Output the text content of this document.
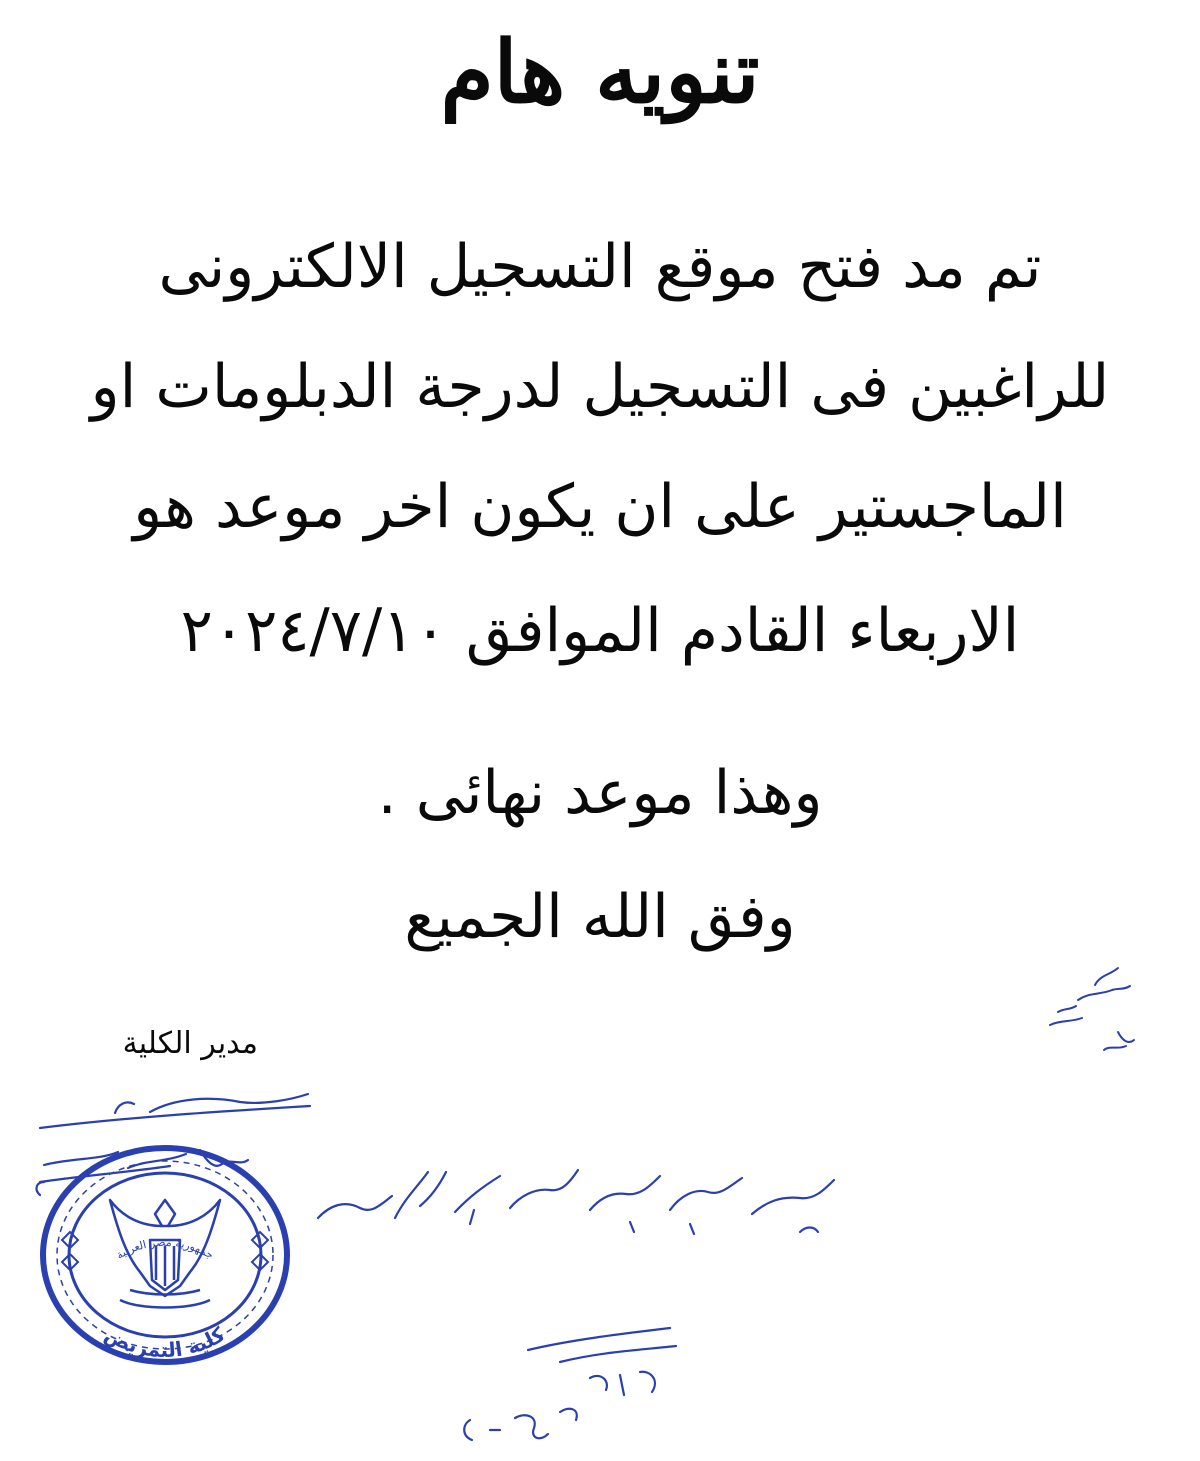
تنويه هام
تم مد فتح موقع التسجيل الالكترونى
للراغبين فى التسجيل لدرجة الدبلومات او
الماجستير على ان يكون اخر موعد هو
الاربعاء القادم الموافق ٢٠٢٤/٧/١٠
وهذا موعد نهائى .
وفق الله الجميع
مدير الكلية
جمهورية مصر العربية
كلية التمريض
